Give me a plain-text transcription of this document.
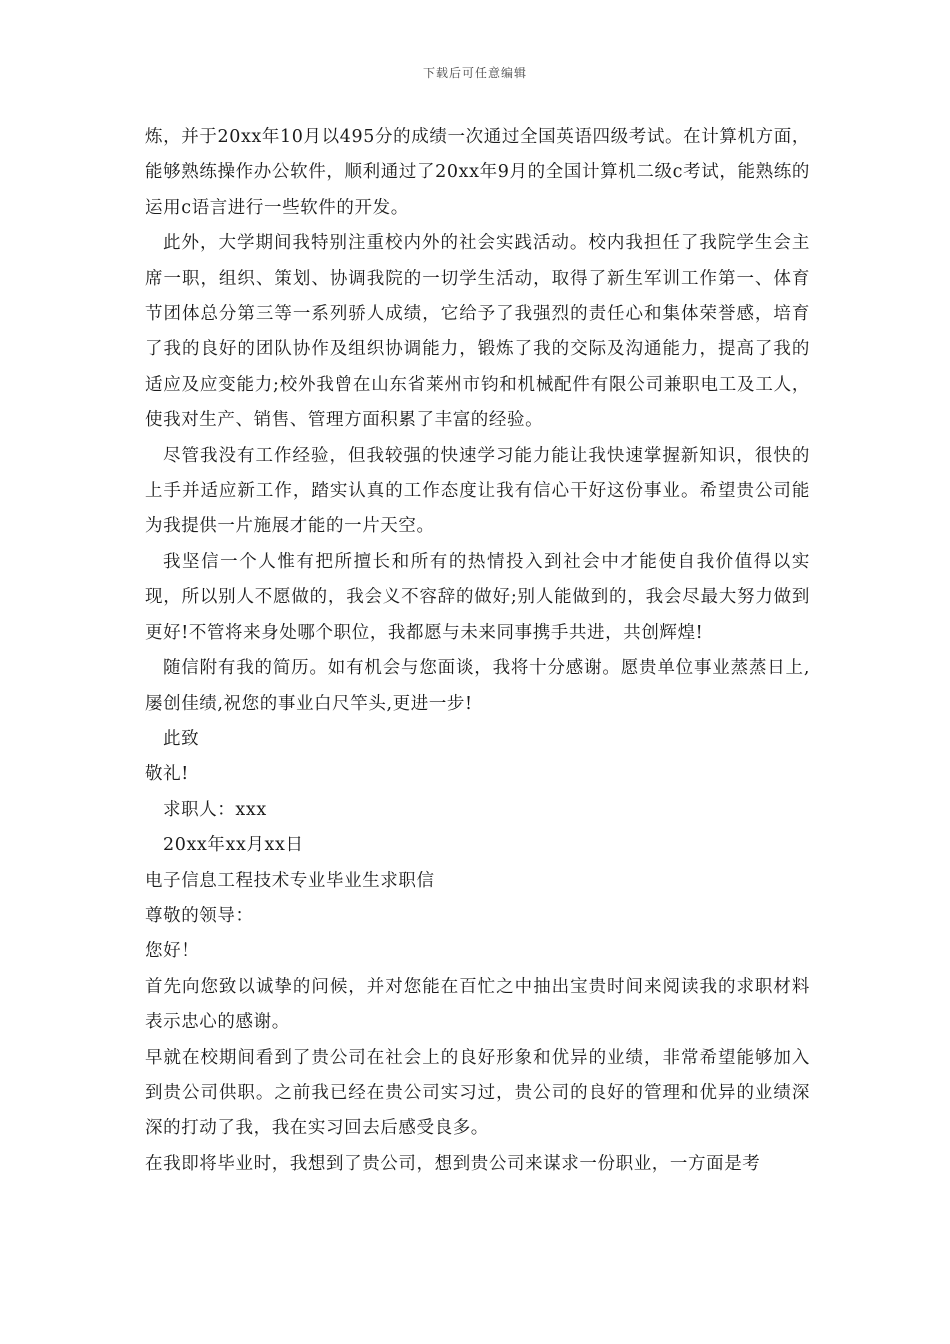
下载后可任意编辑

炼，并于20xx年10月以495分的成绩一次通过全国英语四级考试。在计算机方面，能够熟练操作办公软件，顺利通过了20xx年9月的全国计算机二级c考试，能熟练的运用c语言进行一些软件的开发。

此外，大学期间我特别注重校内外的社会实践活动。校内我担任了我院学生会主席一职，组织、策划、协调我院的一切学生活动，取得了新生军训工作第一、体育节团体总分第三等一系列骄人成绩，它给予了我强烈的责任心和集体荣誉感，培育了我的良好的团队协作及组织协调能力，锻炼了我的交际及沟通能力，提高了我的适应及应变能力;校外我曾在山东省莱州市钧和机械配件有限公司兼职电工及工人，使我对生产、销售、管理方面积累了丰富的经验。

尽管我没有工作经验，但我较强的快速学习能力能让我快速掌握新知识，很快的上手并适应新工作，踏实认真的工作态度让我有信心干好这份事业。希望贵公司能为我提供一片施展才能的一片天空。

我坚信一个人惟有把所擅长和所有的热情投入到社会中才能使自我价值得以实现，所以别人不愿做的，我会义不容辞的做好;别人能做到的，我会尽最大努力做到更好!不管将来身处哪个职位，我都愿与未来同事携手共进，共创辉煌!

随信附有我的简历。如有机会与您面谈，我将十分感谢。愿贵单位事业蒸蒸日上,屡创佳绩,祝您的事业白尺竿头,更进一步!

此致

敬礼!

求职人：xxx

20xx年xx月xx日

电子信息工程技术专业毕业生求职信

尊敬的领导：

您好！

首先向您致以诚挚的问候，并对您能在百忙之中抽出宝贵时间来阅读我的求职材料表示忠心的感谢。

早就在校期间看到了贵公司在社会上的良好形象和优异的业绩，非常希望能够加入到贵公司供职。之前我已经在贵公司实习过，贵公司的良好的管理和优异的业绩深深的打动了我，我在实习回去后感受良多。

在我即将毕业时，我想到了贵公司，想到贵公司来谋求一份职业，一方面是考
